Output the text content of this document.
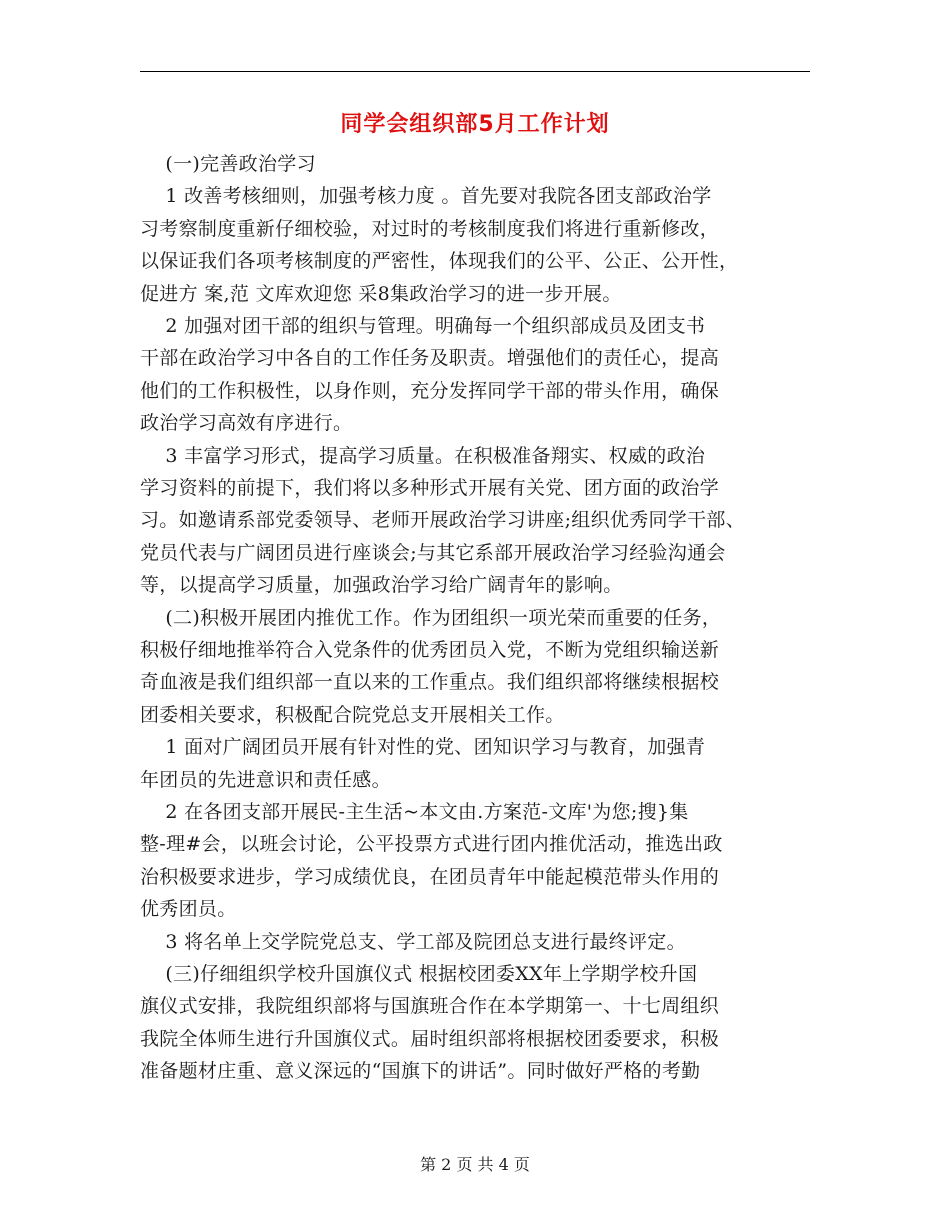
同学会组织部5月工作计划
(一)完善政治学习
1 改善考核细则，加强考核力度 。首先要对我院各团支部政治学
习考察制度重新仔细校验，对过时的考核制度我们将进行重新修改，
以保证我们各项考核制度的严密性，体现我们的公平、公正、公开性，
促进方 案,范 文库欢迎您 采8集政治学习的进一步开展。
2 加强对团干部的组织与管理。明确每一个组织部成员及团支书
干部在政治学习中各自的工作任务及职责。增强他们的责任心，提高
他们的工作积极性，以身作则，充分发挥同学干部的带头作用，确保
政治学习高效有序进行。
3 丰富学习形式，提高学习质量。在积极准备翔实、权威的政治
学习资料的前提下，我们将以多种形式开展有关党、团方面的政治学
习。如邀请系部党委领导、老师开展政治学习讲座;组织优秀同学干部、
党员代表与广阔团员进行座谈会;与其它系部开展政治学习经验沟通会
等，以提高学习质量，加强政治学习给广阔青年的影响。
(二)积极开展团内推优工作。作为团组织一项光荣而重要的任务，
积极仔细地推举符合入党条件的优秀团员入党，不断为党组织输送新
奇血液是我们组织部一直以来的工作重点。我们组织部将继续根据校
团委相关要求，积极配合院党总支开展相关工作。
1 面对广阔团员开展有针对性的党、团知识学习与教育，加强青
年团员的先进意识和责任感。
2 在各团支部开展民-主生活~本文由.方案范-文库'为您;搜}集
整-理#会，以班会讨论，公平投票方式进行团内推优活动，推选出政
治积极要求进步，学习成绩优良，在团员青年中能起模范带头作用的
优秀团员。
3 将名单上交学院党总支、学工部及院团总支进行最终评定。
(三)仔细组织学校升国旗仪式 根据校团委XX年上学期学校升国
旗仪式安排，我院组织部将与国旗班合作在本学期第一、十七周组织
我院全体师生进行升国旗仪式。届时组织部将根据校团委要求，积极
准备题材庄重、意义深远的“国旗下的讲话”。同时做好严格的考勤
第 2 页 共 4 页
